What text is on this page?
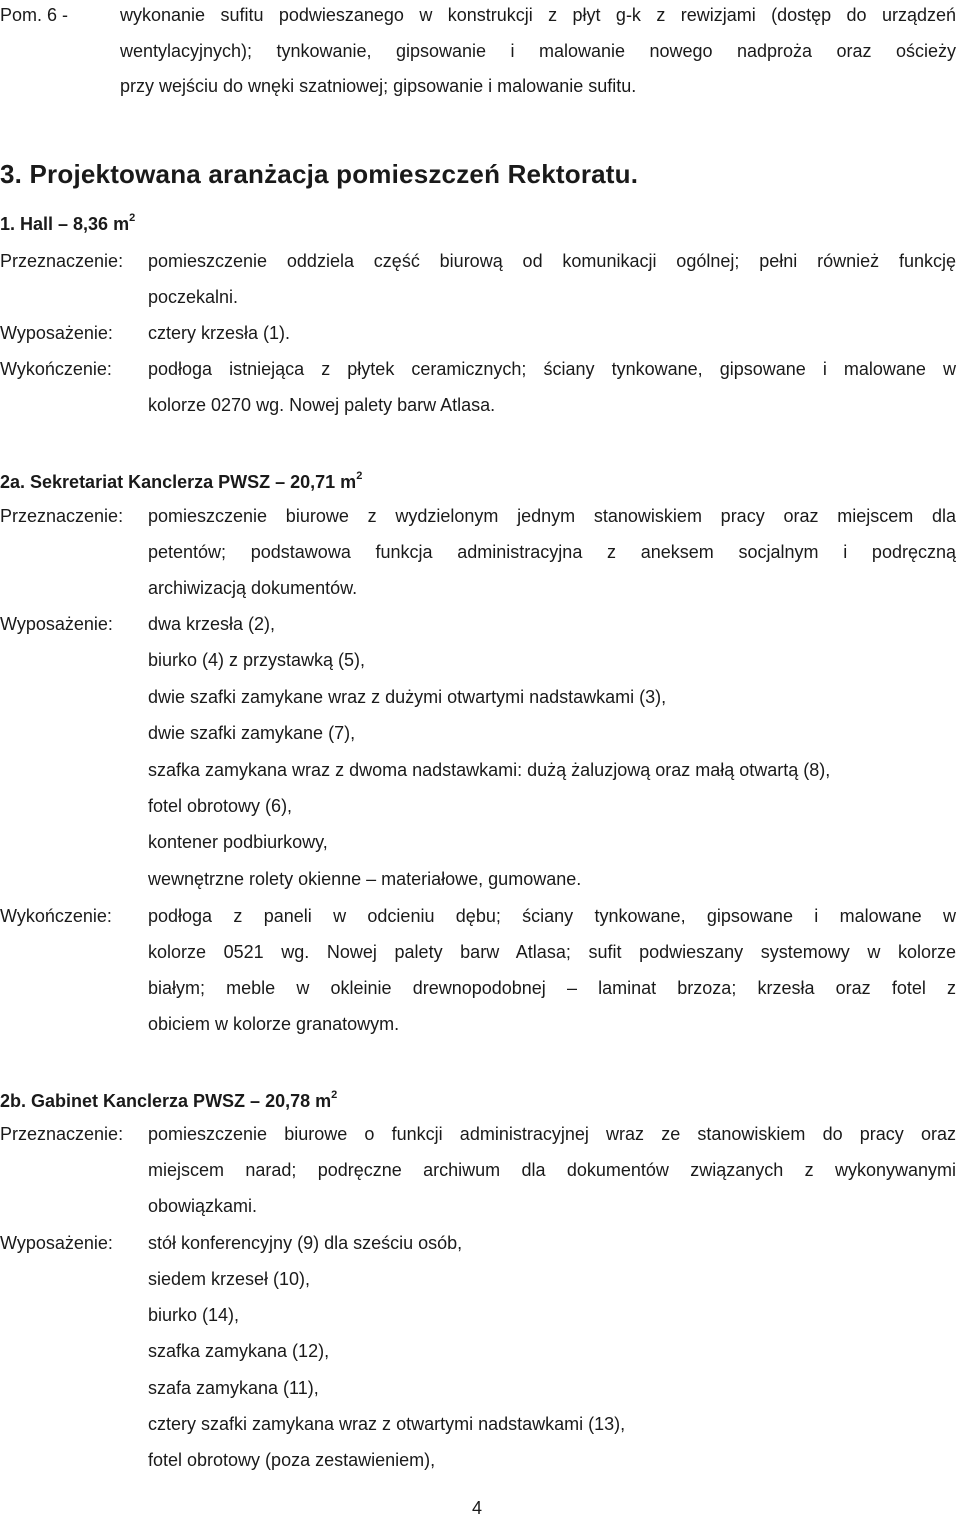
Pom. 6 -	wykonanie sufitu podwieszanego w konstrukcji z płyt g-k z rewizjami (dostęp do urządzeń
wentylacyjnych); tynkowanie, gipsowanie i malowanie nowego nadproża oraz ościeży
przy wejściu do wnęki szatniowej; gipsowanie i malowanie sufitu.
3. Projektowana aranżacja pomieszczeń Rektoratu.
1. Hall – 8,36 $m^2$
Przeznaczenie: pomieszczenie oddziela część biurową od komunikacji ogólnej; pełni również funkcję
poczekalni.
Wyposażenie: cztery krzesła (1).
Wykończenie: podłoga istniejąca z płytek ceramicznych; ściany tynkowane, gipsowane i malowane w
kolorze 0270 wg. Nowej palety barw Atlasa.
2a. Sekretariat Kanclerza PWSZ – 20,71 $m^2$
Przeznaczenie: pomieszczenie biurowe z wydzielonym jednym stanowiskiem pracy oraz miejscem dla
petentów; podstawowa funkcja administracyjna z aneksem socjalnym i podręczną
archiwizacją dokumentów.
Wyposażenie: dwa krzesła (2),
biurko (4) z przystawką (5),
dwie szafki zamykane wraz z dużymi otwartymi nadstawkami (3),
dwie szafki zamykane (7),
szafka zamykana wraz z dwoma nadstawkami: dużą żaluzjową oraz małą otwartą (8),
fotel obrotowy (6),
kontener podbiurkowy,
wewnętrzne rolety okienne – materiałowe, gumowane.
Wykończenie: podłoga z paneli w odcieniu dębu; ściany tynkowane, gipsowane i malowane w
kolorze 0521 wg. Nowej palety barw Atlasa; sufit podwieszany systemowy w kolorze
białym; meble w okleinie drewnopodobnej – laminat brzoza; krzesła oraz fotel z
obiciem w kolorze granatowym.
2b. Gabinet Kanclerza PWSZ – 20,78 $m^2$
Przeznaczenie: pomieszczenie biurowe o funkcji administracyjnej wraz ze stanowiskiem do pracy oraz
miejscem narad; podręczne archiwum dla dokumentów związanych z wykonywanymi
obowiązkami.
Wyposażenie: stół konferencyjny (9) dla sześciu osób,
siedem krzeseł (10),
biurko (14),
szafka zamykana (12),
szafa zamykana (11),
cztery szafki zamykana wraz z otwartymi nadstawkami (13),
fotel obrotowy (poza zestawieniem),
4
